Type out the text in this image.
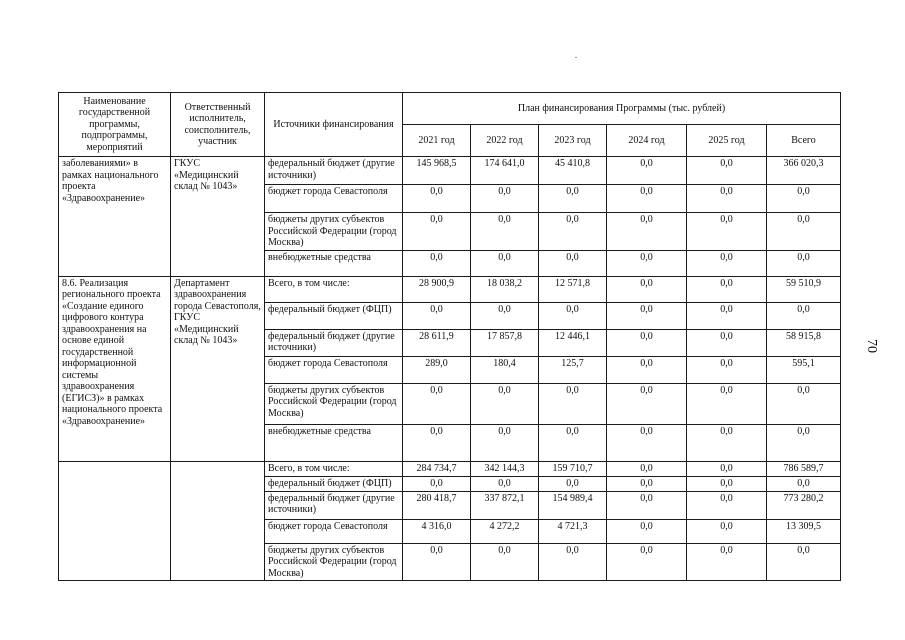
Наименование государственной программы, подпрограммы, мероприятий	Ответственный исполнитель, соисполнитель, участник	Источники финансирования	План финансирования Программы (тыс. рублей)					
			2021 год	2022 год	2023 год	2024 год	2025 год	Всего
заболеваниями» в рамках национального проекта «Здравоохранение»	ГКУС «Медицинский склад № 1043»	федеральный бюджет (другие источники)	145 968,5	174 641,0	45 410,8	0,0	0,0	366 020,3
		бюджет города Севастополя	0,0	0,0	0,0	0,0	0,0	0,0
		бюджеты других субъектов Российской Федерации (город Москва)	0,0	0,0	0,0	0,0	0,0	0,0
		внебюджетные средства	0,0	0,0	0,0	0,0	0,0	0,0
8.6. Реализация регионального проекта «Создание единого цифрового контура здравоохранения на основе единой государственной информационной системы здравоохранения (ЕГИСЗ)» в рамках национального проекта «Здравоохранение»	Департамент здравоохранения города Севастополя, ГКУС «Медицинский склад № 1043»	Всего, в том числе:	28 900,9	18 038,2	12 571,8	0,0	0,0	59 510,9
		федеральный бюджет (ФЦП)	0,0	0,0	0,0	0,0	0,0	0,0
		федеральный бюджет (другие источники)	28 611,9	17 857,8	12 446,1	0,0	0,0	58 915,8
		бюджет города Севастополя	289,0	180,4	125,7	0,0	0,0	595,1
		бюджеты других субъектов Российской Федерации (город Москва)	0,0	0,0	0,0	0,0	0,0	0,0
		внебюджетные средства	0,0	0,0	0,0	0,0	0,0	0,0
		Всего, в том числе:	284 734,7	342 144,3	159 710,7	0,0	0,0	786 589,7
		федеральный бюджет (ФЦП)	0,0	0,0	0,0	0,0	0,0	0,0
		федеральный бюджет (другие источники)	280 418,7	337 872,1	154 989,4	0,0	0,0	773 280,2
		бюджет города Севастополя	4 316,0	4 272,2	4 721,3	0,0	0,0	13 309,5
		бюджеты других субъектов Российской Федерации (город Москва)	0,0	0,0	0,0	0,0	0,0	0,0
70
